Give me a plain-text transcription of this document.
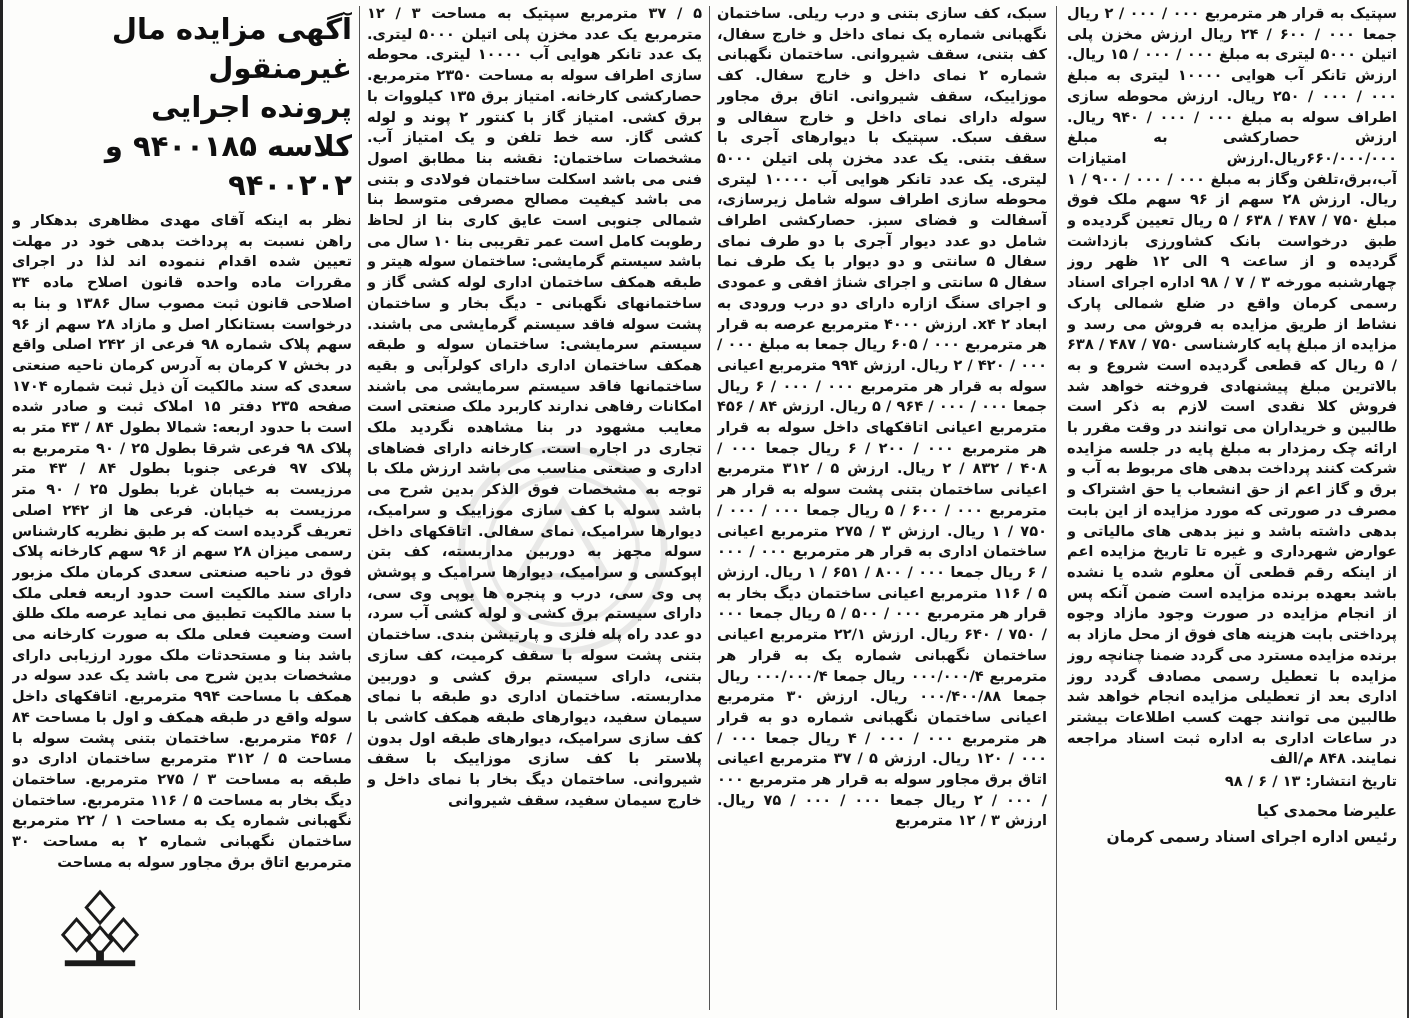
آگهی مزایده مال غیرمنقول
پرونده اجرایی
کلاسه ۹۴۰۰۱۸۵ و ۹۴۰۰۲۰۲

نظر به اینکه آقای مهدی مظاهری بدهکار و راهن نسبت به پرداخت بدهی خود در مهلت تعیین شده اقدام ننموده اند لذا در اجرای مقررات ماده واحده قانون اصلاح ماده ۳۴ اصلاحی قانون ثبت مصوب سال ۱۳۸۶ و بنا به درخواست بستانکار اصل و مازاد ۲۸ سهم از ۹۶ سهم پلاک شماره ۹۸ فرعی از ۲۴۲ اصلی واقع در بخش ۷ کرمان به آدرس کرمان ناحیه صنعتی سعدی که سند مالکیت آن ذیل ثبت شماره ۱۷۰۴ صفحه ۲۳۵ دفتر ۱۵ املاک ثبت و صادر شده است با حدود اربعه: شمالا بطول ۸۴ / ۴۳ متر به پلاک ۹۸ فرعی شرقا بطول ۲۵ / ۹۰ مترمربع به پلاک ۹۷ فرعی جنوبا بطول ۸۴ / ۴۳ متر مرزیست به خیابان غربا بطول ۲۵ / ۹۰ متر مرزیست به خیابان. فرعی ها از ۲۴۲ اصلی تعریف گردیده است که بر طبق نظریه کارشناس رسمی میزان ۲۸ سهم از ۹۶ سهم کارخانه پلاک فوق در ناحیه صنعتی سعدی کرمان ملک مزبور دارای سند مالکیت است حدود اربعه فعلی ملک با سند مالکیت تطبیق می نماید عرصه ملک طلق است وضعیت فعلی ملک به صورت کارخانه می باشد بنا و مستحدثات ملک مورد ارزیابی دارای مشخصات بدین شرح می باشد یک عدد سوله در همکف با مساحت ۹۹۴ مترمربع. اتاقکهای داخل سوله واقع در طبقه همکف و اول با مساحت ۸۴ / ۴۵۶ مترمربع. ساختمان بتنی پشت سوله با مساحت ۵ / ۳۱۲ مترمربع ساختمان اداری دو طبقه به مساحت ۳ / ۲۷۵ مترمربع. ساختمان دیگ بخار به مساحت ۵ / ۱۱۶ مترمربع. ساختمان نگهبانی شماره یک به مساحت ۱ / ۲۲ مترمربع ساختمان نگهبانی شماره ۲ به مساحت ۳۰ مترمربع اتاق برق مجاور سوله به مساحت

۵ / ۳۷ مترمربع سپتیک به مساحت ۳ / ۱۲ مترمربع یک عدد مخزن پلی اتیلن ۵۰۰۰ لیتری. یک عدد تانکر هوایی آب ۱۰۰۰۰ لیتری. محوطه سازی اطراف سوله به مساحت ۲۳۵۰ مترمربع. حصارکشی کارخانه. امتیاز برق ۱۳۵ کیلووات با برق کشی. امتیاز گاز با کنتور ۲ پوند و لوله کشی گاز. سه خط تلفن و یک امتیاز آب. مشخصات ساختمان: نقشه بنا مطابق اصول فنی می باشد اسکلت ساختمان فولادی و بتنی می باشد کیفیت مصالح مصرفی متوسط بنا شمالی جنوبی است عایق کاری بنا از لحاظ رطوبت کامل است عمر تقریبی بنا ۱۰ سال می باشد سیستم گرمایشی: ساختمان سوله هیتر و طبقه همکف ساختمان اداری لوله کشی گاز و ساختمانهای نگهبانی - دیگ بخار و ساختمان پشت سوله فاقد سیستم گرمایشی می باشند. سیستم سرمایشی: ساختمان سوله و طبقه همکف ساختمان اداری دارای کولرآبی و بقیه ساختمانها فاقد سیستم سرمایشی می باشند امکانات رفاهی ندارند کاربرد ملک صنعتی است معایب مشهود در بنا مشاهده نگردید ملک تجاری در اجاره است. کارخانه دارای فضاهای اداری و صنعتی مناسب می باشد ارزش ملک با توجه به مشخصات فوق الذکر بدین شرح می باشد سوله با کف سازی موزاییک و سرامیک، دیوارها سرامیک، نمای سفالی. اتاقکهای داخل سوله مجهز به دوربین مداربسته، کف بتن اپوکسی و سرامیک، دیوارها سرامیک و پوشش پی وی سی، درب و پنجره ها یوپی وی سی، دارای سیستم برق کشی و لوله کشی آب سرد، دو عدد راه پله فلزی و پارتیشن بندی. ساختمان بتنی پشت سوله با سقف کرمیت، کف سازی بتنی، دارای سیستم برق کشی و دوربین مداربسته. ساختمان اداری دو طبقه با نمای سیمان سفید، دیوارهای طبقه همکف کاشی با کف سازی سرامیک، دیوارهای طبقه اول بدون پلاستر با کف سازی موزاییک با سقف شیروانی. ساختمان دیگ بخار با نمای داخل و خارج سیمان سفید، سقف شیروانی

سبک، کف سازی بتنی و درب ریلی. ساختمان نگهبانی شماره یک نمای داخل و خارج سفال، کف بتنی، سقف شیروانی. ساختمان نگهبانی شماره ۲ نمای داخل و خارج سفال. کف موزاییک، سقف شیروانی. اتاق برق مجاور سوله دارای نمای داخل و خارج سفالی و سقف سبک. سپتیک با دیوارهای آجری با سقف بتنی. یک عدد مخزن پلی اتیلن ۵۰۰۰ لیتری. یک عدد تانکر هوایی آب ۱۰۰۰۰ لیتری محوطه سازی اطراف سوله شامل زیرسازی، آسفالت و فضای سبز. حصارکشی اطراف شامل دو عدد دیوار آجری با دو طرف نمای سفال ۵ سانتی و دو دیوار با یک طرف نما سفال ۵ سانتی و اجرای شناژ افقی و عمودی و اجرای سنگ ازاره دارای دو درب ورودی به ابعاد ۲ x۴. ارزش ۴۰۰۰ مترمربع عرصه به قرار هر مترمربع ۰۰۰ / ۶۰۵ ریال جمعا به مبلغ ۰۰۰ / ۰۰۰ / ۴۲۰ / ۲ ریال. ارزش ۹۹۴ مترمربع اعیانی سوله به قرار هر مترمربع ۰۰۰ / ۰۰۰ / ۶ ریال جمعا ۰۰۰ / ۰۰۰ / ۹۶۴ / ۵ ریال. ارزش ۸۴ / ۴۵۶ مترمربع اعیانی اتاقکهای داخل سوله به قرار هر مترمربع ۰۰۰ / ۲۰۰ / ۶ ریال جمعا ۰۰۰ / ۴۰۸ / ۸۳۲ / ۲ ریال. ارزش ۵ / ۳۱۲ مترمربع اعیانی ساختمان بتنی پشت سوله به قرار هر مترمربع ۰۰۰ / ۶۰۰ / ۵ ریال جمعا ۰۰۰ / ۰۰۰ / ۷۵۰ / ۱ ریال. ارزش ۳ / ۲۷۵ مترمربع اعیانی ساختمان اداری به قرار هر مترمربع ۰۰۰ / ۰۰۰ / ۶ ریال جمعا ۰۰۰ / ۸۰۰ / ۶۵۱ / ۱ ریال. ارزش ۵ / ۱۱۶ مترمربع اعیانی ساختمان دیگ بخار به قرار هر مترمربع ۰۰۰ / ۵۰۰ / ۵ ریال جمعا ۰۰۰ / ۷۵۰ / ۶۴۰ ریال. ارزش ۲۲/۱ مترمربع اعیانی ساختمان نگهبانی شماره یک به قرار هر مترمربع ۰۰۰/۰۰۰/۴ ریال جمعا ۰۰۰/۰۰۰/۴ ریال جمعا ۰۰۰/۴۰۰/۸۸ ریال. ارزش ۳۰ مترمربع اعیانی ساختمان نگهبانی شماره دو به قرار هر مترمربع ۰۰۰ / ۰۰۰ / ۴ ریال جمعا ۰۰۰ / ۰۰۰ / ۱۲۰ ریال. ارزش ۵ / ۳۷ مترمربع اعیانی اتاق برق مجاور سوله به قرار هر مترمربع ۰۰۰ / ۰۰۰ / ۲ ریال جمعا ۰۰۰ / ۰۰۰ / ۷۵ ریال. ارزش ۳ / ۱۲ مترمربع

سپتیک به قرار هر مترمربع ۰۰۰ / ۰۰۰ / ۲ ریال جمعا ۰۰۰ / ۶۰۰ / ۲۴ ریال ارزش مخزن پلی اتیلن ۵۰۰۰ لیتری به مبلغ ۰۰۰ / ۰۰۰ / ۱۵ ریال. ارزش تانکر آب هوایی ۱۰۰۰۰ لیتری به مبلغ ۰۰۰ / ۰۰۰ / ۲۵۰ ریال. ارزش محوطه سازی اطراف سوله به مبلغ ۰۰۰ / ۰۰۰ / ۹۴۰ ریال. ارزش حصارکشی به مبلغ ۶۶۰/۰۰۰/۰۰۰ریال.ارزش امتیازات آب،برق،تلفن وگاز به مبلغ ۰۰۰ / ۰۰۰ / ۹۰۰ / ۱ ریال. ارزش ۲۸ سهم از ۹۶ سهم ملک فوق مبلغ ۷۵۰ / ۴۸۷ / ۶۳۸ / ۵ ریال تعیین گردیده و طبق درخواست بانک کشاورزی بازداشت گردیده و از ساعت ۹ الی ۱۲ ظهر روز چهارشنبه مورخه ۳ / ۷ / ۹۸ اداره اجرای اسناد رسمی کرمان واقع در ضلع شمالی پارک نشاط از طریق مزایده به فروش می رسد و مزایده از مبلغ پایه کارشناسی ۷۵۰ / ۴۸۷ / ۶۳۸ / ۵ ریال که قطعی گردیده است شروع و به بالاترین مبلغ پیشنهادی فروخته خواهد شد فروش کلا نقدی است لازم به ذکر است طالبین و خریداران می توانند در وقت مقرر با ارائه چک رمزدار به مبلغ پایه در جلسه مزایده شرکت کنند پرداخت بدهی های مربوط به آب و برق و گاز اعم از حق انشعاب یا حق اشتراک و مصرف در صورتی که مورد مزایده از این بابت بدهی داشته باشد و نیز بدهی های مالیاتی و عوارض شهرداری و غیره تا تاریخ مزایده اعم از اینکه رقم قطعی آن معلوم شده یا نشده باشد بعهده برنده مزایده است ضمن آنکه پس از انجام مزایده در صورت وجود مازاد وجوه پرداختی بابت هزینه های فوق از محل مازاد به برنده مزایده مسترد می گردد ضمنا چنانچه روز مزایده با تعطیل رسمی مصادف گردد روز اداری بعد از تعطیلی مزایده انجام خواهد شد طالبین می توانند جهت کسب اطلاعات بیشتر در ساعات اداری به اداره ثبت اسناد مراجعه نمایند. ۸۴۸ م/الف

تاریخ انتشار: ۱۳ / ۶ / ۹۸
علیرضا محمدی کیا
رئیس اداره اجرای اسناد رسمی کرمان
